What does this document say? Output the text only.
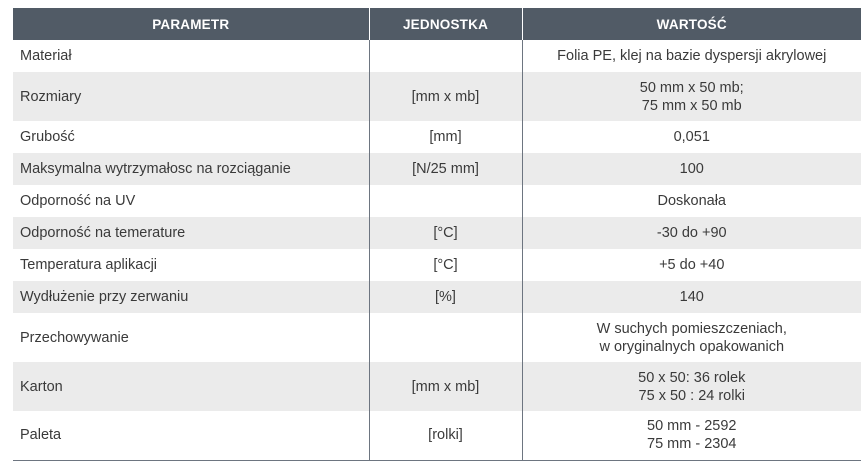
PARAMETR	JEDNOSTKA	WARTOŚĆ
Materiał		Folia PE, klej na bazie dyspersji akrylowej

Rozmiary	[mm x mb]	50 mm x 50 mb;
75 mm x 50 mb

Grubość	[mm]	0,051

Maksymalna wytrzymałosc na rozciąganie	[N/25 mm]	100

Odporność na UV		Doskonała

Odporność na temerature	[°C]	-30 do +90

Temperatura aplikacji	[°C]	+5 do +40

Wydłużenie przy zerwaniu	[%]	140

Przechowywanie		W suchych pomieszczeniach,
w oryginalnych opakowanich

Karton	[mm x mb]	50 x 50: 36 rolek
75 x 50 : 24 rolki

Paleta	[rolki]	50 mm - 2592
75 mm - 2304
